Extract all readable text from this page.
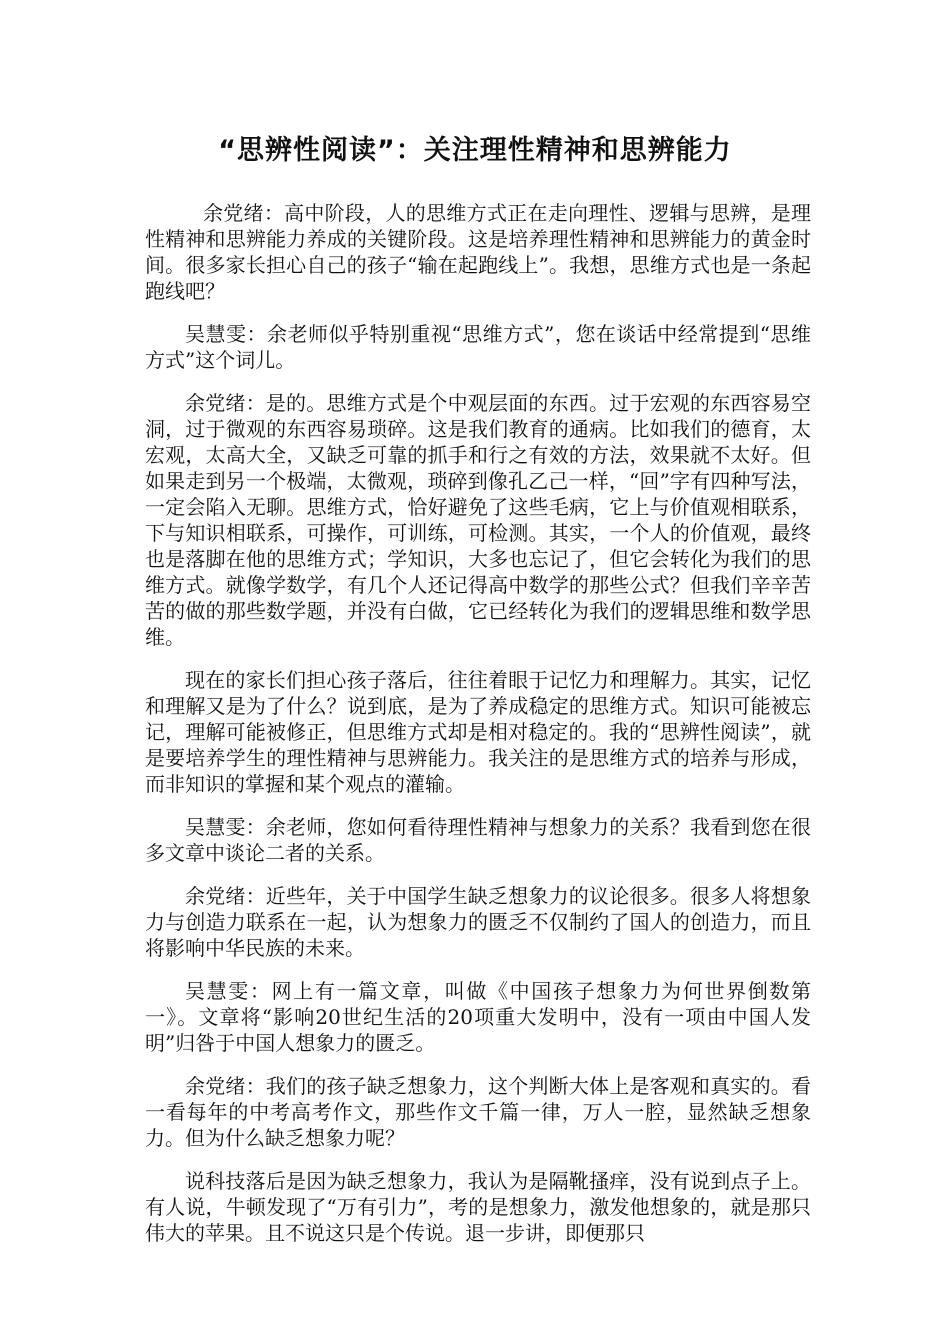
“思辨性阅读”：关注理性精神和思辨能力

余党绪：高中阶段，人的思维方式正在走向理性、逻辑与思辨，是理性精神和思辨能力养成的关键阶段。这是培养理性精神和思辨能力的黄金时间。很多家长担心自己的孩子“输在起跑线上”。我想，思维方式也是一条起跑线吧？

吴慧雯：余老师似乎特别重视“思维方式”，您在谈话中经常提到“思维方式”这个词儿。

余党绪：是的。思维方式是个中观层面的东西。过于宏观的东西容易空洞，过于微观的东西容易琐碎。这是我们教育的通病。比如我们的德育，太宏观，太高大全，又缺乏可靠的抓手和行之有效的方法，效果就不太好。但如果走到另一个极端，太微观，琐碎到像孔乙己一样，“回”字有四种写法，一定会陷入无聊。思维方式，恰好避免了这些毛病，它上与价值观相联系，下与知识相联系，可操作，可训练，可检测。其实，一个人的价值观，最终也是落脚在他的思维方式；学知识，大多也忘记了，但它会转化为我们的思维方式。就像学数学，有几个人还记得高中数学的那些公式？但我们辛辛苦苦的做的那些数学题，并没有白做，它已经转化为我们的逻辑思维和数学思维。

现在的家长们担心孩子落后，往往着眼于记忆力和理解力。其实，记忆和理解又是为了什么？说到底，是为了养成稳定的思维方式。知识可能被忘记，理解可能被修正，但思维方式却是相对稳定的。我的“思辨性阅读”，就是要培养学生的理性精神与思辨能力。我关注的是思维方式的培养与形成，而非知识的掌握和某个观点的灌输。

吴慧雯：余老师，您如何看待理性精神与想象力的关系？我看到您在很多文章中谈论二者的关系。

余党绪：近些年，关于中国学生缺乏想象力的议论很多。很多人将想象力与创造力联系在一起，认为想象力的匮乏不仅制约了国人的创造力，而且将影响中华民族的未来。

吴慧雯：网上有一篇文章，叫做《中国孩子想象力为何世界倒数第一》。文章将“影响20世纪生活的20项重大发明中，没有一项由中国人发明”归咎于中国人想象力的匮乏。

余党绪：我们的孩子缺乏想象力，这个判断大体上是客观和真实的。看一看每年的中考高考作文，那些作文千篇一律，万人一腔，显然缺乏想象力。但为什么缺乏想象力呢？

说科技落后是因为缺乏想象力，我认为是隔靴搔痒，没有说到点子上。有人说，牛顿发现了“万有引力”，考的是想象力，激发他想象的，就是那只伟大的苹果。且不说这只是个传说。退一步讲，即便那只
